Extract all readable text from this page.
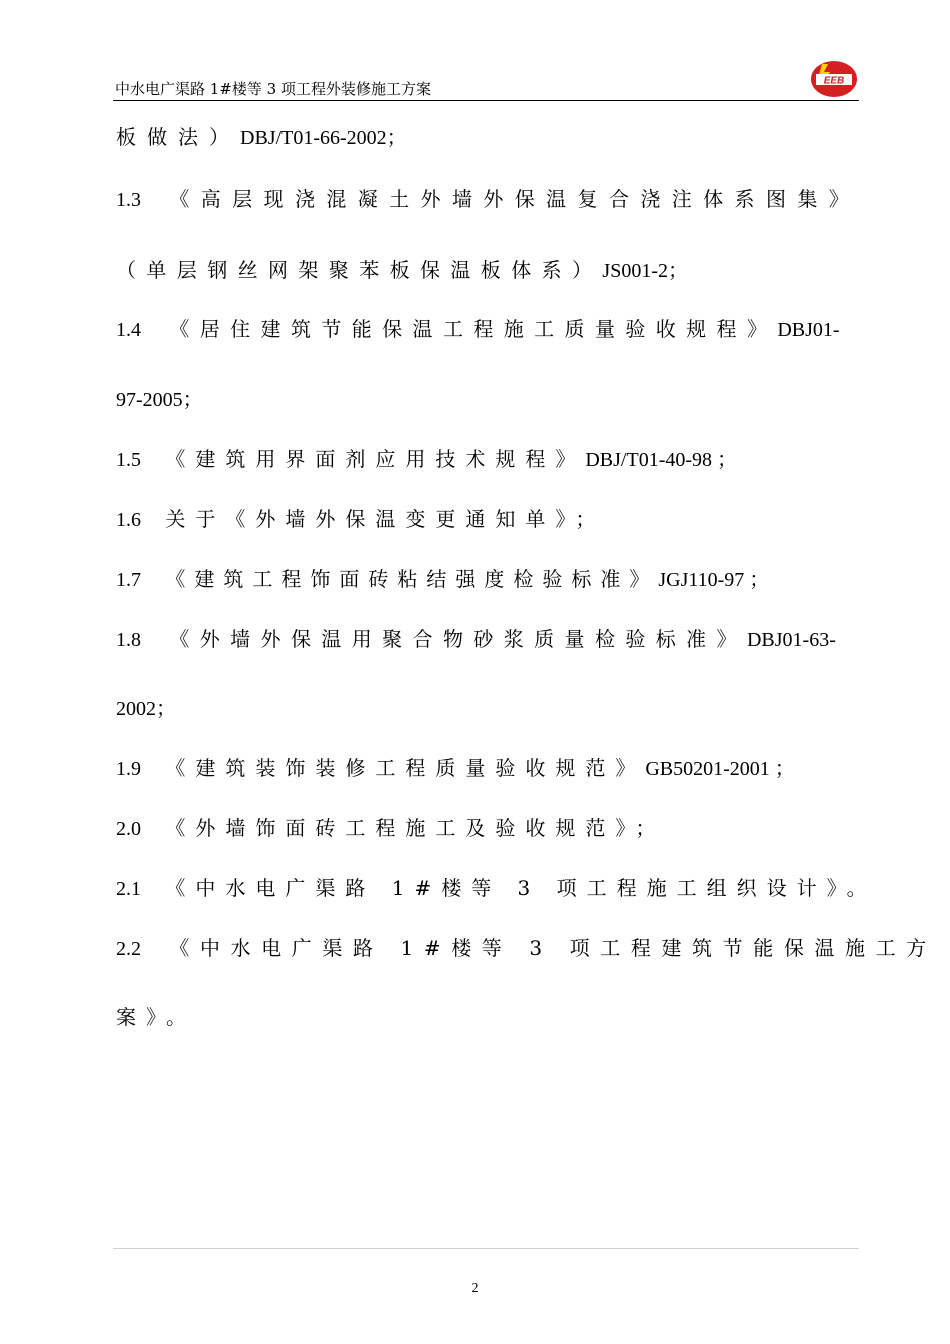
中水电广渠路 1#楼等 3 项工程外装修施工方案	EEB
板做法）DBJ/T01-66-2002；
1.3 《高层现浇混凝土外墙外保温复合浇注体系图集》
（单层钢丝网架聚苯板保温板体系）JS001-2；
1.4 《居住建筑节能保温工程施工质量验收规程》DBJ01-
97-2005；
1.5 《建筑用界面剂应用技术规程》DBJ/T01-40-98 ；
1.6 关于《外墙外保温变更通知单》；
1.7 《建筑工程饰面砖粘结强度检验标准》JGJ110-97 ；
1.8 《外墙外保温用聚合物砂浆质量检验标准》DBJ01-63-
2002；
1.9 《建筑装饰装修工程质量验收规范》GB50201-2001 ；
2.0 《外墙饰面砖工程施工及验收规范》；
2.1 《中水电广渠路 1#楼等 3 项工程施工组织设计》。
2.2 《中水电广渠路 1#楼等 3 项工程建筑节能保温施工方
案》。
2
